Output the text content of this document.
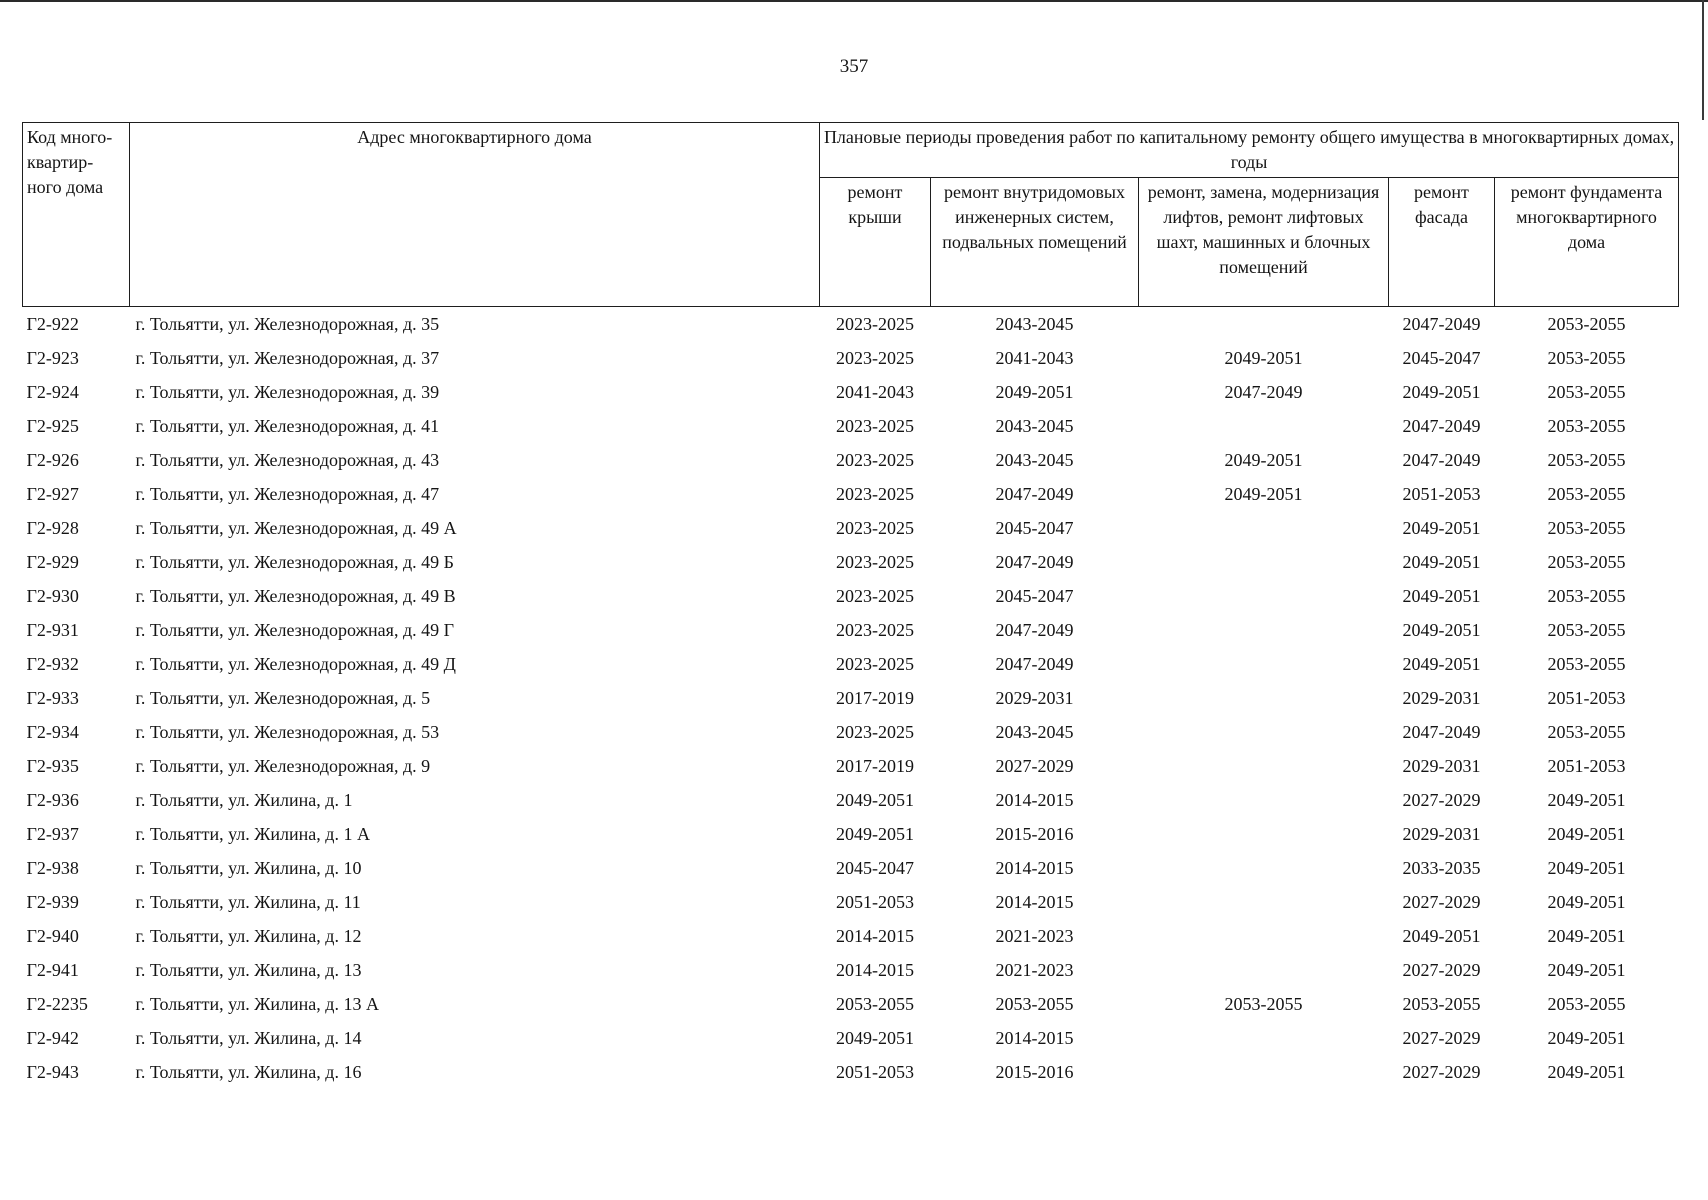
357
Код много-квартир-ного дома	Адрес многоквартирного дома	Плановые периоды проведения работ по капитальному ремонту общего имущества в многоквартирных домах, годы				
		ремонт крыши	ремонт внутридомовых инженерных систем, подвальных помещений	ремонт, замена, модернизация лифтов, ремонт лифтовых шахт, машинных и блочных помещений	ремонт фасада	ремонт фундамента многоквартирного дома
Г2-922	г. Тольятти, ул. Железнодорожная, д. 35	2023-2025	2043-2045		2047-2049	2053-2055
Г2-923	г. Тольятти, ул. Железнодорожная, д. 37	2023-2025	2041-2043	2049-2051	2045-2047	2053-2055
Г2-924	г. Тольятти, ул. Железнодорожная, д. 39	2041-2043	2049-2051	2047-2049	2049-2051	2053-2055
Г2-925	г. Тольятти, ул. Железнодорожная, д. 41	2023-2025	2043-2045		2047-2049	2053-2055
Г2-926	г. Тольятти, ул. Железнодорожная, д. 43	2023-2025	2043-2045	2049-2051	2047-2049	2053-2055
Г2-927	г. Тольятти, ул. Железнодорожная, д. 47	2023-2025	2047-2049	2049-2051	2051-2053	2053-2055
Г2-928	г. Тольятти, ул. Железнодорожная, д. 49 А	2023-2025	2045-2047		2049-2051	2053-2055
Г2-929	г. Тольятти, ул. Железнодорожная, д. 49 Б	2023-2025	2047-2049		2049-2051	2053-2055
Г2-930	г. Тольятти, ул. Железнодорожная, д. 49 В	2023-2025	2045-2047		2049-2051	2053-2055
Г2-931	г. Тольятти, ул. Железнодорожная, д. 49 Г	2023-2025	2047-2049		2049-2051	2053-2055
Г2-932	г. Тольятти, ул. Железнодорожная, д. 49 Д	2023-2025	2047-2049		2049-2051	2053-2055
Г2-933	г. Тольятти, ул. Железнодорожная, д. 5	2017-2019	2029-2031		2029-2031	2051-2053
Г2-934	г. Тольятти, ул. Железнодорожная, д. 53	2023-2025	2043-2045		2047-2049	2053-2055
Г2-935	г. Тольятти, ул. Железнодорожная, д. 9	2017-2019	2027-2029		2029-2031	2051-2053
Г2-936	г. Тольятти, ул. Жилина, д. 1	2049-2051	2014-2015		2027-2029	2049-2051
Г2-937	г. Тольятти, ул. Жилина, д. 1 А	2049-2051	2015-2016		2029-2031	2049-2051
Г2-938	г. Тольятти, ул. Жилина, д. 10	2045-2047	2014-2015		2033-2035	2049-2051
Г2-939	г. Тольятти, ул. Жилина, д. 11	2051-2053	2014-2015		2027-2029	2049-2051
Г2-940	г. Тольятти, ул. Жилина, д. 12	2014-2015	2021-2023		2049-2051	2049-2051
Г2-941	г. Тольятти, ул. Жилина, д. 13	2014-2015	2021-2023		2027-2029	2049-2051
Г2-2235	г. Тольятти, ул. Жилина, д. 13 А	2053-2055	2053-2055	2053-2055	2053-2055	2053-2055
Г2-942	г. Тольятти, ул. Жилина, д. 14	2049-2051	2014-2015		2027-2029	2049-2051
Г2-943	г. Тольятти, ул. Жилина, д. 16	2051-2053	2015-2016		2027-2029	2049-2051
